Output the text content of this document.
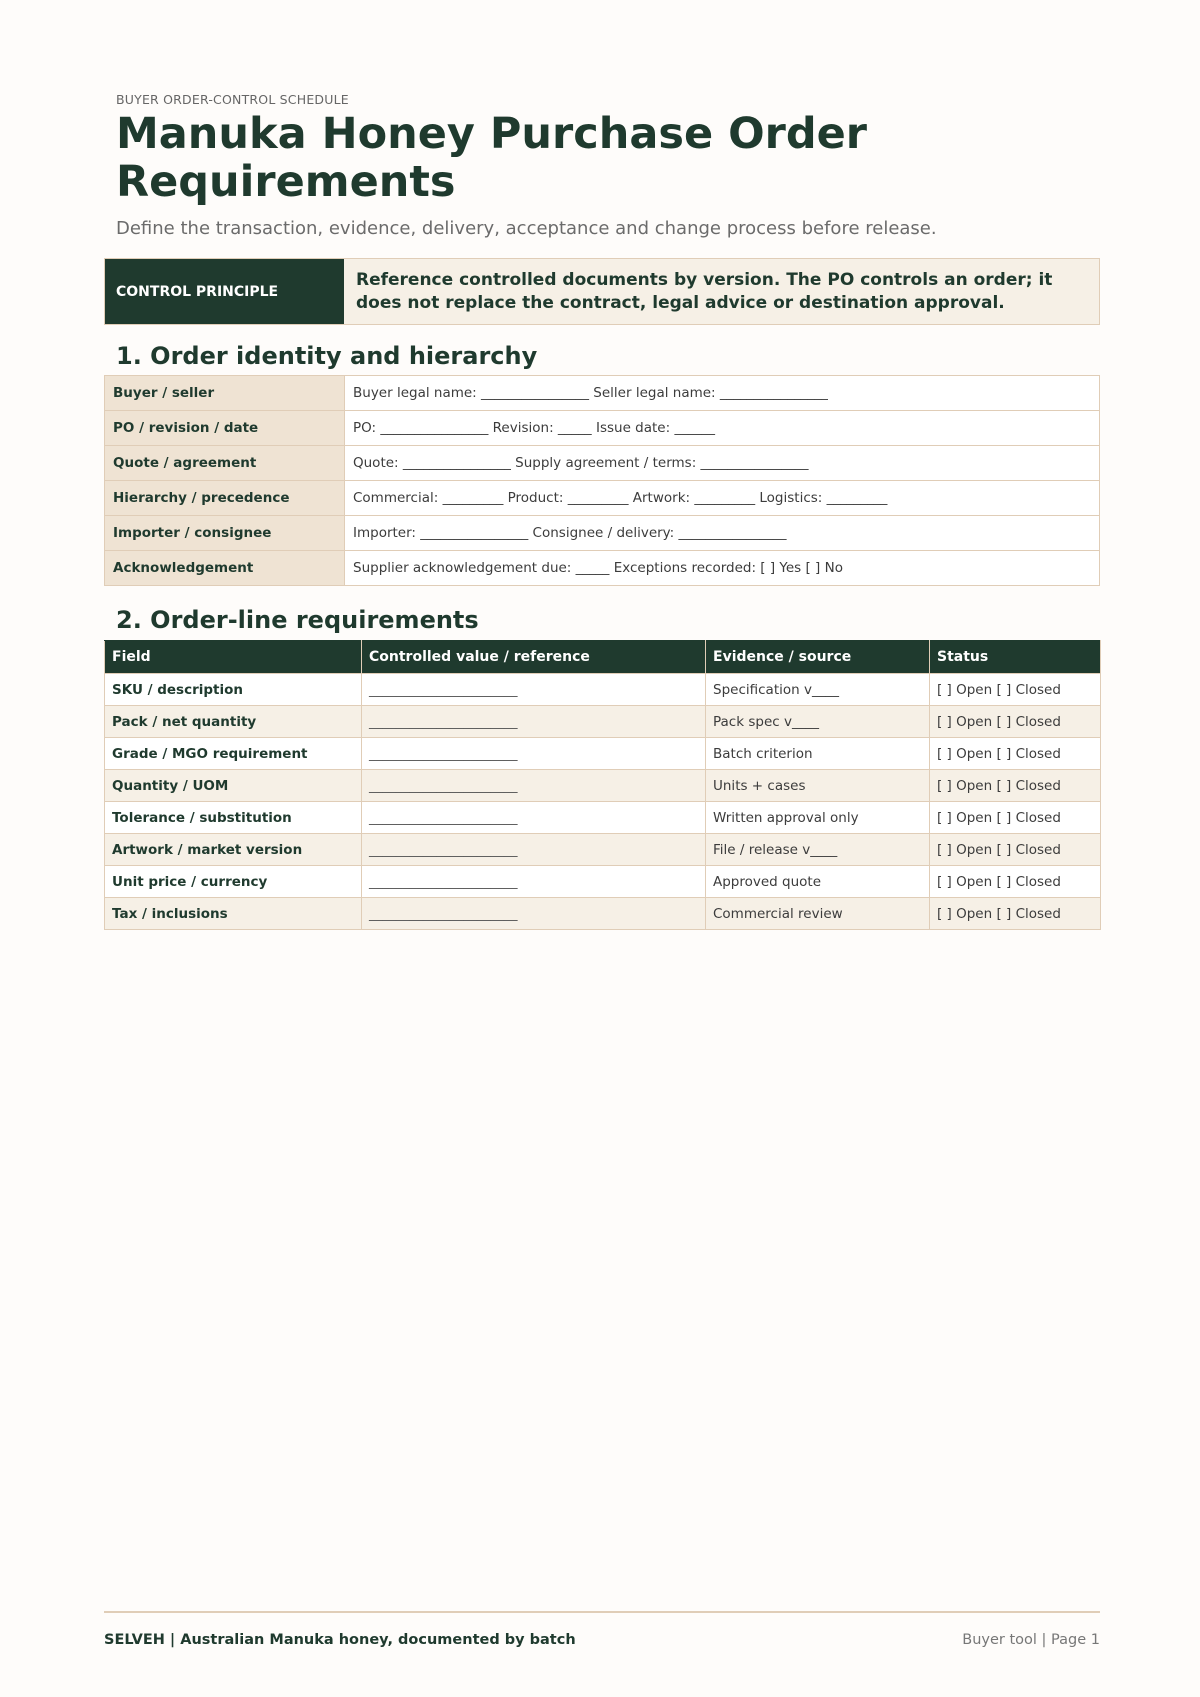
BUYER ORDER-CONTROL SCHEDULE
Manuka Honey Purchase Order Requirements
Define the transaction, evidence, delivery, acceptance and change process before release.
CONTROL PRINCIPLE
Reference controlled documents by version. The PO controls an order; it does not replace the contract, legal advice or destination approval.
1. Order identity and hierarchy
Buyer / seller	Buyer legal name: ________________ Seller legal name: ________________
PO / revision / date	PO: ________________ Revision: _____ Issue date: ______
Quote / agreement	Quote: ________________ Supply agreement / terms: ________________
Hierarchy / precedence	Commercial: _________ Product: _________ Artwork: _________ Logistics: _________
Importer / consignee	Importer: ________________ Consignee / delivery: ________________
Acknowledgement	Supplier acknowledgement due: _____ Exceptions recorded: [ ] Yes [ ] No
2. Order-line requirements
Field	Controlled value / reference	Evidence / source	Status
SKU / description	______________________	Specification v____	[ ] Open [ ] Closed
Pack / net quantity	______________________	Pack spec v____	[ ] Open [ ] Closed
Grade / MGO requirement	______________________	Batch criterion	[ ] Open [ ] Closed
Quantity / UOM	______________________	Units + cases	[ ] Open [ ] Closed
Tolerance / substitution	______________________	Written approval only	[ ] Open [ ] Closed
Artwork / market version	______________________	File / release v____	[ ] Open [ ] Closed
Unit price / currency	______________________	Approved quote	[ ] Open [ ] Closed
Tax / inclusions	______________________	Commercial review	[ ] Open [ ] Closed
SELVEH | Australian Manuka honey, documented by batch	Buyer tool | Page 1
